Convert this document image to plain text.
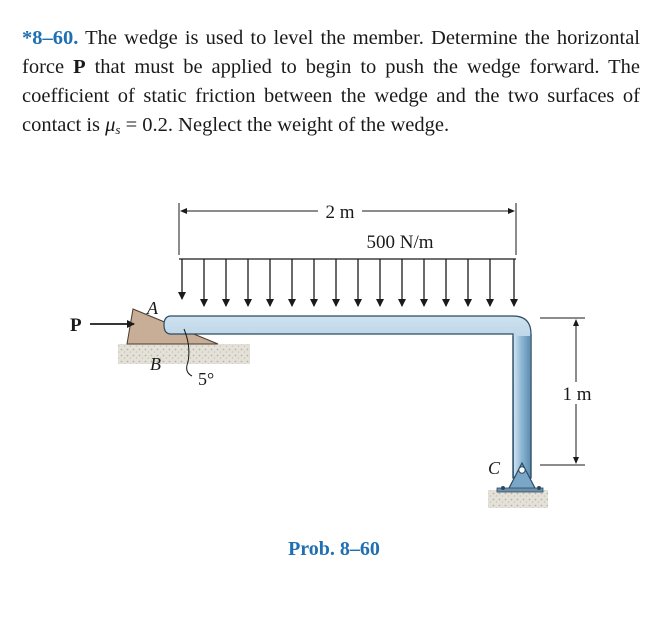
*8–60. The wedge is used to level the member. Determine the horizontal force P that must be applied to begin to push the wedge forward. The coefficient of static friction between the wedge and the two surfaces of contact is $\mu_s = 0.2$. Neglect the weight of the wedge.
2 m
500 N/m
1 m
P
A
B
C
5°
Prob. 8–60
